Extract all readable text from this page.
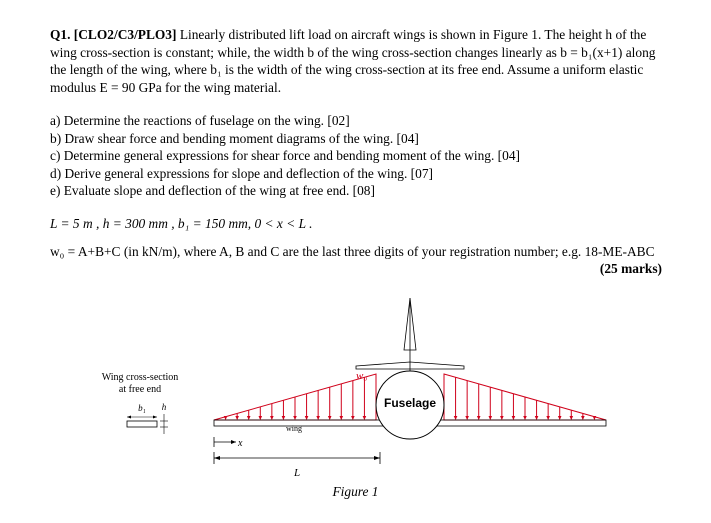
Q1. [CLO2/C3/PLO3] Linearly distributed lift load on aircraft wings is shown in Figure 1. The height h of the wing cross-section is constant; while, the width b of the wing cross-section changes linearly as b = b₁(x+1) along the length of the wing, where b₁ is the width of the wing cross-section at its free end. Assume a uniform elastic modulus E = 90 GPa for the wing material.
a) Determine the reactions of fuselage on the wing. [02]
b) Draw shear force and bending moment diagrams of the wing. [04]
c) Determine general expressions for shear force and bending moment of the wing. [04]
d) Derive general expressions for slope and deflection of the wing. [07]
e) Evaluate slope and deflection of the wing at free end. [08]
L = 5 m , h = 300 mm , b₁ = 150 mm, 0 < x < L .
w₀ = A+B+C (in kN/m), where A, B and C are the last three digits of your registration number; e.g. 18-ME-ABC
(25 marks)
Fuselage
w₀
wing
x
L
Wing cross-section
at free end
b₁ h
Figure 1
